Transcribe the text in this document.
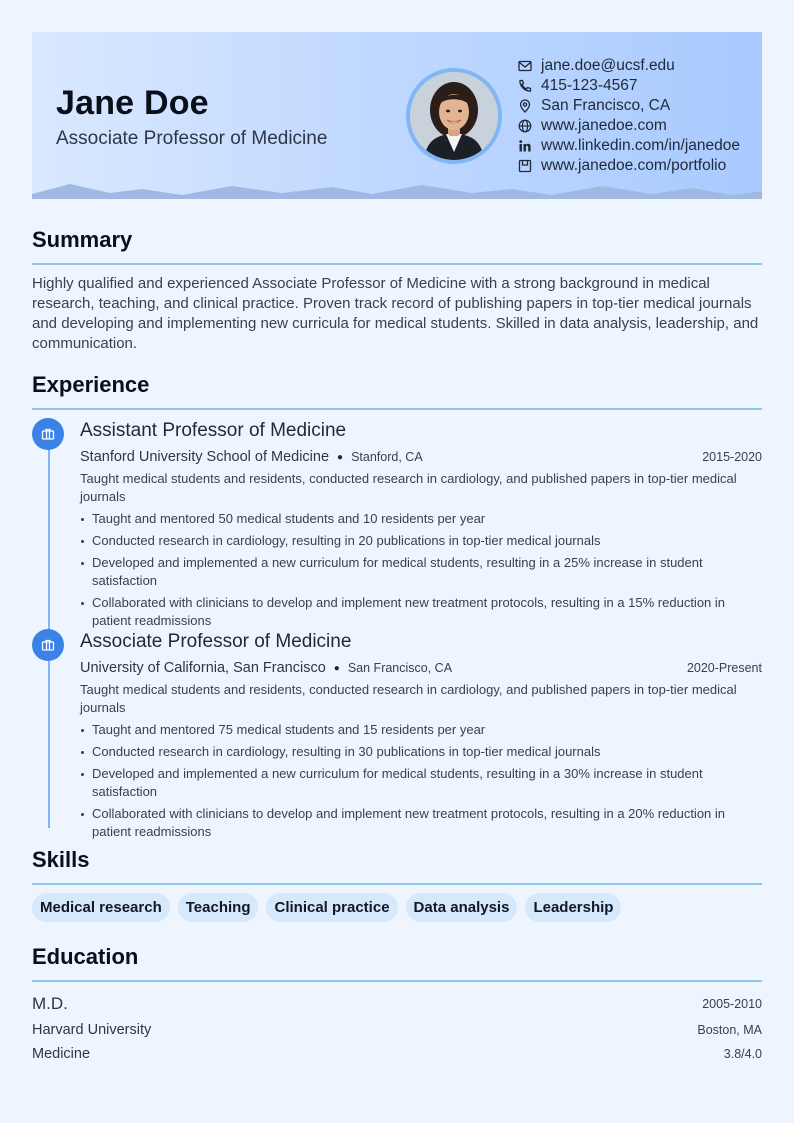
Jane Doe
Associate Professor of Medicine
jane.doe@ucsf.edu
415-123-4567
San Francisco, CA
www.janedoe.com
www.linkedin.com/in/janedoe
www.janedoe.com/portfolio
Summary
Highly qualified and experienced Associate Professor of Medicine with a strong background in medical research, teaching, and clinical practice. Proven track record of publishing papers in top-tier medical journals and developing and implementing new curricula for medical students. Skilled in data analysis, leadership, and communication.
Experience
Assistant Professor of Medicine
Stanford University School of Medicine ● Stanford, CA	2015-2020
Taught medical students and residents, conducted research in cardiology, and published papers in top-tier medical journals
Taught and mentored 50 medical students and 10 residents per year
Conducted research in cardiology, resulting in 20 publications in top-tier medical journals
Developed and implemented a new curriculum for medical students, resulting in a 25% increase in student satisfaction
Collaborated with clinicians to develop and implement new treatment protocols, resulting in a 15% reduction in patient readmissions
Associate Professor of Medicine
University of California, San Francisco ● San Francisco, CA	2020-Present
Taught medical students and residents, conducted research in cardiology, and published papers in top-tier medical journals
Taught and mentored 75 medical students and 15 residents per year
Conducted research in cardiology, resulting in 30 publications in top-tier medical journals
Developed and implemented a new curriculum for medical students, resulting in a 30% increase in student satisfaction
Collaborated with clinicians to develop and implement new treatment protocols, resulting in a 20% reduction in patient readmissions
Skills
Medical research	Teaching	Clinical practice	Data analysis	Leadership
Education
M.D.	2005-2010
Harvard University	Boston, MA
Medicine	3.8/4.0
